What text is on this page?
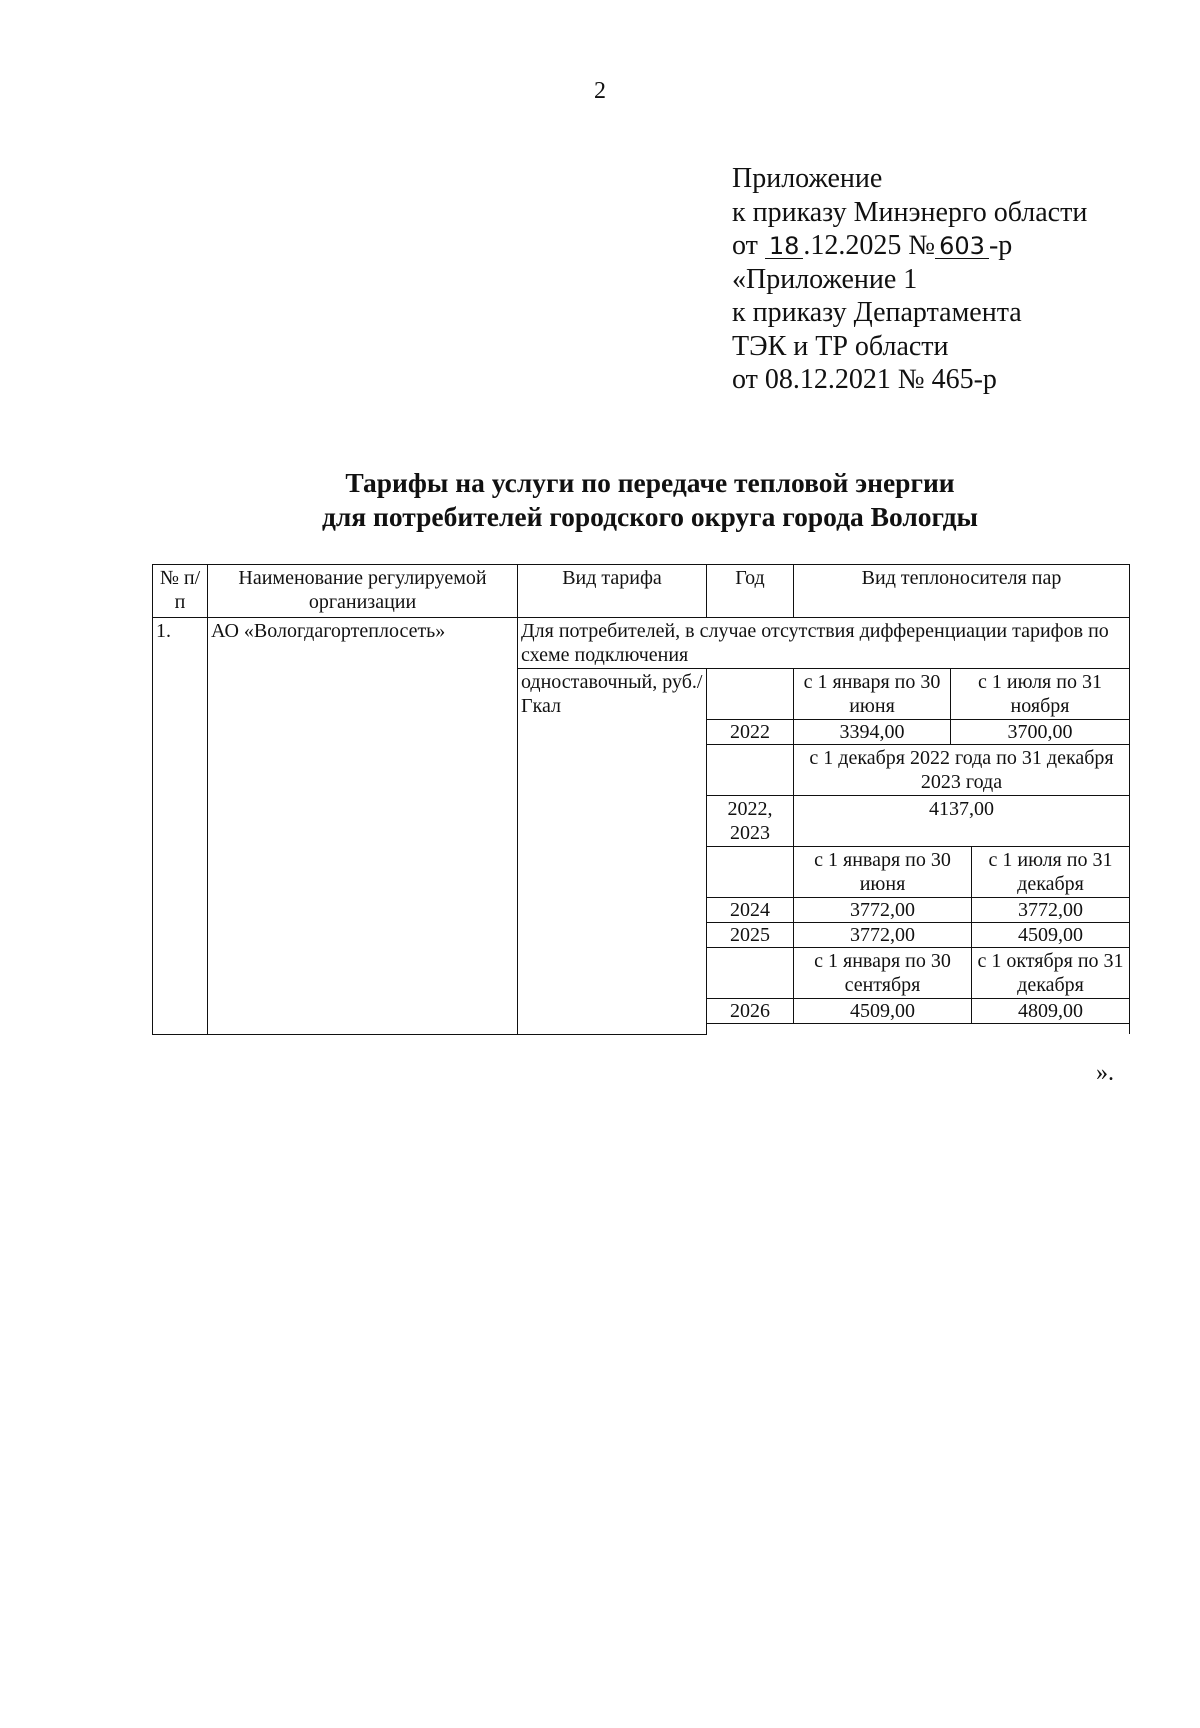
2
Приложение
к приказу Минэнерго области
от 18 .12.2025 № 603 -р
«Приложение 1
к приказу Департамента
ТЭК и ТР области
от 08.12.2021 № 465-р
Тарифы на услуги по передаче тепловой энергии
для потребителей городского округа города Вологды
№ п/п	Наименование регулируемой организации	Вид тарифа	Год	Вид теплоносителя пар		
1.	АО «Вологдагортеплосеть»	Для потребителей, в случае отсутствия дифференциации тарифов по схеме подключения				
		одноставочный, руб./Гкал		с 1 января по 30 июня	с 1 июля по 31 ноября	
			2022	3394,00	3700,00	
				с 1 декабря 2022 года по 31 декабря 2023 года		
			2022, 2023	4137,00		
				с 1 января по 30 июня		с 1 июля по 31 декабря
			2024	3772,00		3772,00
			2025	3772,00		4509,00
				с 1 января по 30 сентября		с 1 октября по 31 декабря
			2026	4509,00		4809,00

».
